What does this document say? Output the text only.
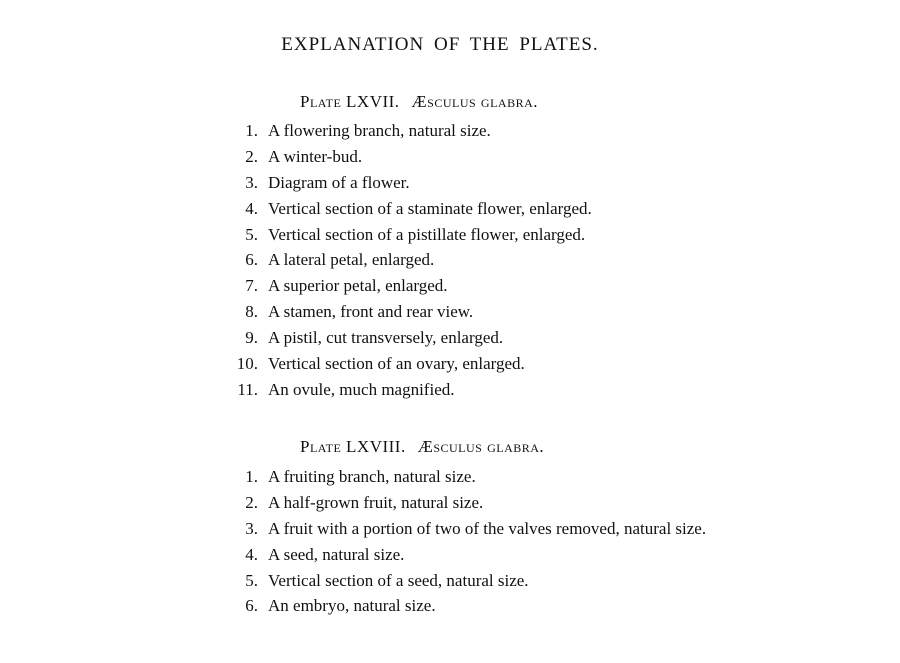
EXPLANATION OF THE PLATES.
Plate LXVII. Æsculus glabra.
1. A flowering branch, natural size.
2. A winter-bud.
3. Diagram of a flower.
4. Vertical section of a staminate flower, enlarged.
5. Vertical section of a pistillate flower, enlarged.
6. A lateral petal, enlarged.
7. A superior petal, enlarged.
8. A stamen, front and rear view.
9. A pistil, cut transversely, enlarged.
10. Vertical section of an ovary, enlarged.
11. An ovule, much magnified.
Plate LXVIII. Æsculus glabra.
1. A fruiting branch, natural size.
2. A half-grown fruit, natural size.
3. A fruit with a portion of two of the valves removed, natural size.
4. A seed, natural size.
5. Vertical section of a seed, natural size.
6. An embryo, natural size.
